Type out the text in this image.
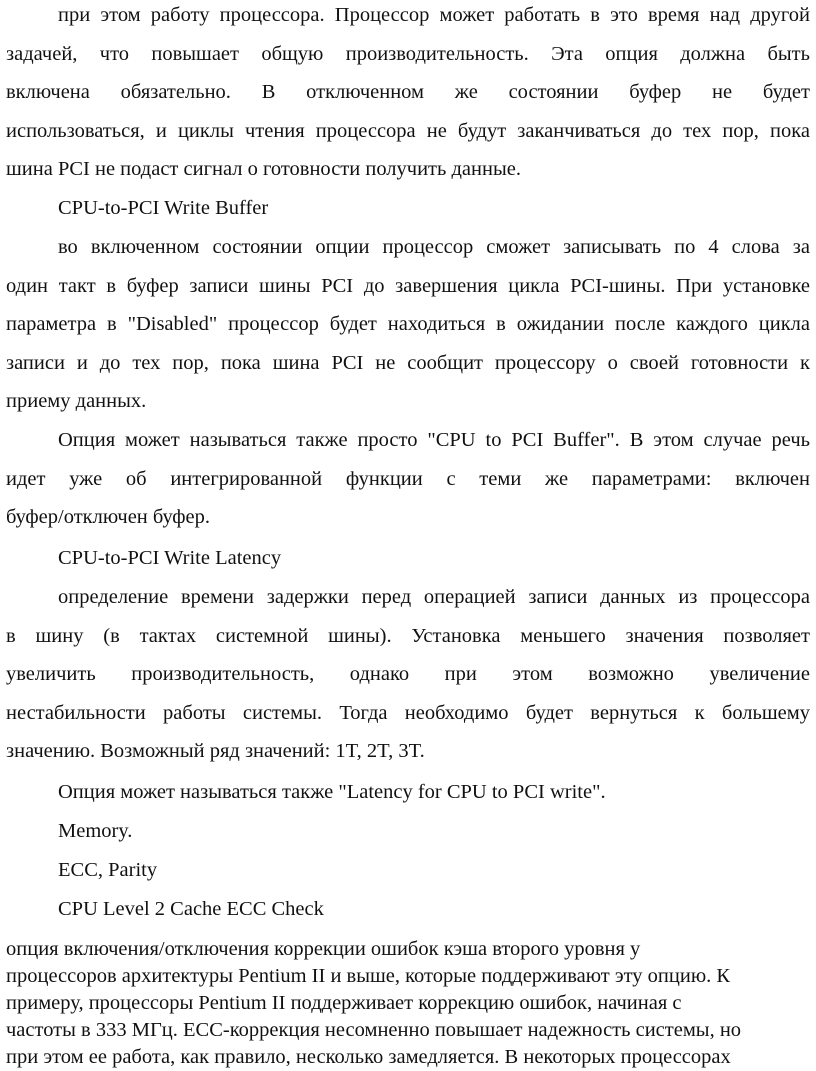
при этом работу процессора. Процессор может работать в это время над другой
задачей, что повышает общую производительность. Эта опция должна быть
включена обязательно. В отключенном же состоянии буфер не будет
использоваться, и циклы чтения процессора не будут заканчиваться до тех пор, пока
шина PCI не подаст сигнал о готовности получить данные.
CPU-to-PCI Write Buffer
во включенном состоянии опции процессор сможет записывать по 4 слова за
один такт в буфер записи шины PCI до завершения цикла PCI-шины. При установке
параметра в "Disabled" процессор будет находиться в ожидании после каждого цикла
записи и до тех пор, пока шина PCI не сообщит процессору о своей готовности к
приему данных.
Опция может называться также просто "CPU to PCI Buffer". В этом случае речь
идет уже об интегрированной функции с теми же параметрами: включен
буфер/отключен буфер.
CPU-to-PCI Write Latency
определение времени задержки перед операцией записи данных из процессора
в шину (в тактах системной шины). Установка меньшего значения позволяет
увеличить производительность, однако при этом возможно увеличение
нестабильности работы системы. Тогда необходимо будет вернуться к большему
значению. Возможный ряд значений: 1T, 2T, 3T.
Опция может называться также "Latency for CPU to PCI write".
Memory.
ECC, Parity
CPU Level 2 Cache ECC Check
опция включения/отключения коррекции ошибок кэша второго уровня у
процессоров архитектуры Pentium II и выше, которые поддерживают эту опцию. К
примеру, процессоры Pentium II поддерживает коррекцию ошибок, начиная с
частоты в 333 МГц. ECC-коррекция несомненно повышает надежность системы, но
при этом ее работа, как правило, несколько замедляется. В некоторых процессорах
